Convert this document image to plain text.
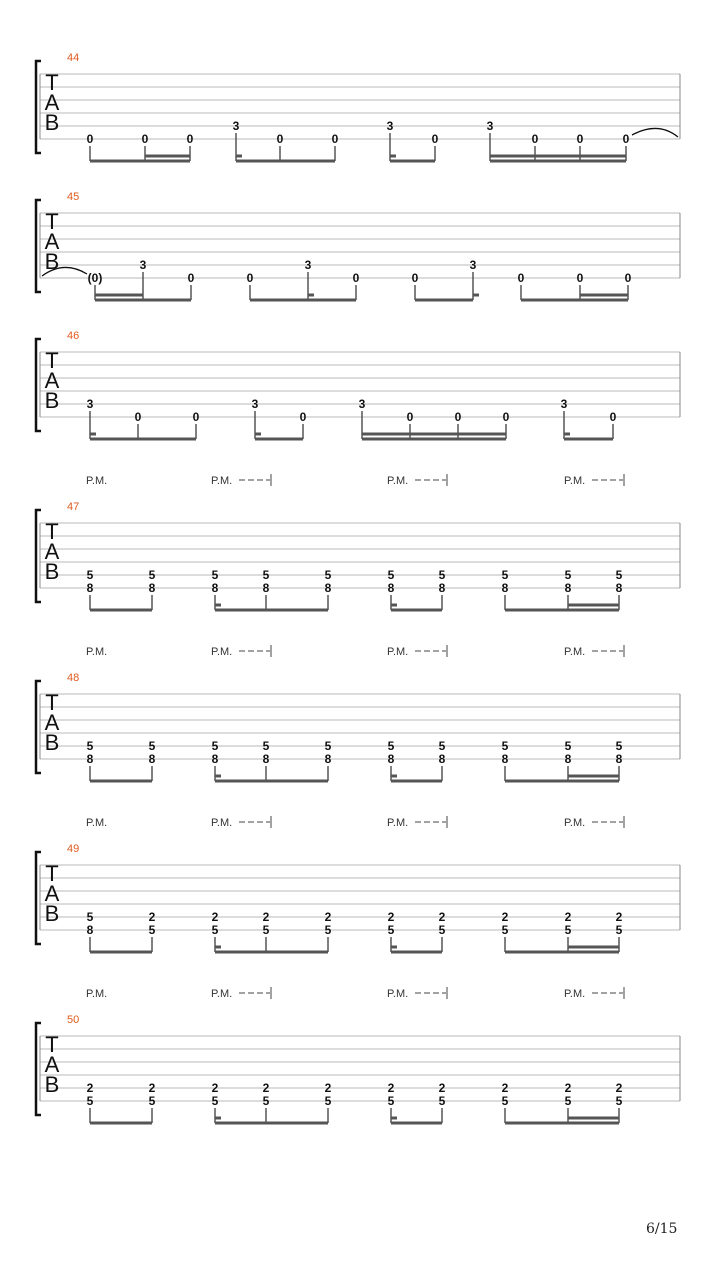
44
T
A
B
0	0	0
3
0	0
3
0
3
0	0	0
45
T
A
B
(0)
3
0	0
3
0	0
3
0	0	0
46
T
A
B 3
0	0
3
0
3
0	0	0
3
0
47
T
A
B
P.M.	P.M.	P.M.	P.M.
5
8
5
8
5
8
5
8
5
8
5
8
5
8
5
8
5
8
5
8
48
T
A
B
P.M.	P.M.	P.M.	P.M.
5
8
5
8
5
8
5
8
5
8
5
8
5
8
5
8
5
8
5
8
49
T
A
B
P.M.	P.M.	P.M.	P.M.
5
8
2
5
2
5
2
5
2
5
2
5
2
5
2
5
2
5
2
5
50
T
A
B
P.M.	P.M.	P.M.	P.M.
2
5
2
5
2
5
2
5
2
5
2
5
2
5
2
5
2
5
2
5
6/15
